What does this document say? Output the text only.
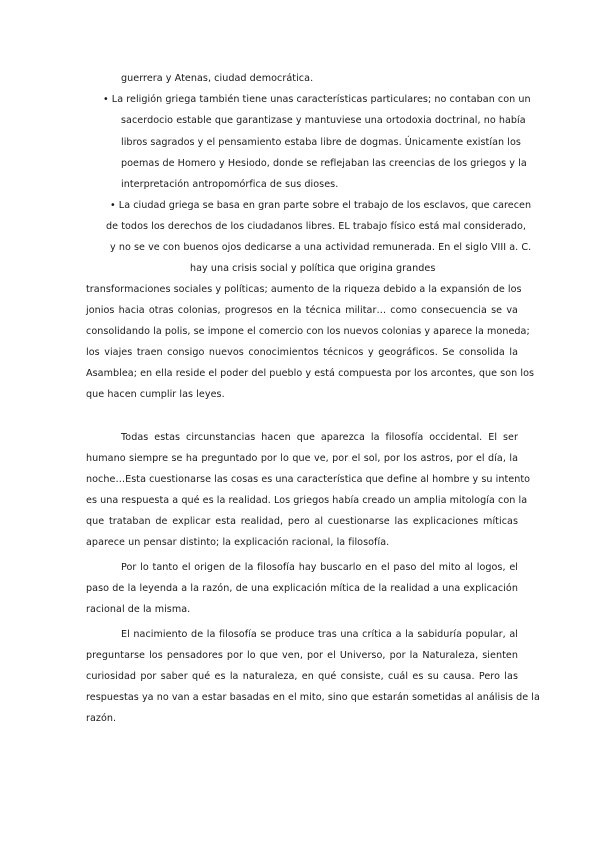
guerrera y Atenas, ciudad democrática.

• La religión griega también tiene unas características particulares; no contaban con un

sacerdocio estable que garantizase y mantuviese una ortodoxia doctrinal, no había

libros sagrados y el pensamiento estaba libre de dogmas. Únicamente existían los

poemas de Homero y Hesiodo, donde se reflejaban las creencias de los griegos y la

interpretación antropomórfica de sus dioses.

• La ciudad griega se basa en gran parte sobre el trabajo de los esclavos, que carecen

de todos los derechos de los ciudadanos libres. EL trabajo físico está mal considerado,

y no se ve con buenos ojos dedicarse a una actividad remunerada. En el siglo VIII a. C.

hay una crisis social y política que origina grandes

transformaciones sociales y políticas; aumento de la riqueza debido a la expansión de los

jonios hacia otras colonias, progresos en la técnica militar… como consecuencia se va

consolidando la polis, se impone el comercio con los nuevos colonias y aparece la moneda;

los viajes traen consigo nuevos conocimientos técnicos y geográficos. Se consolida la

Asamblea; en ella reside el poder del pueblo y está compuesta por los arcontes, que son los

que hacen cumplir las leyes.

Todas estas circunstancias hacen que aparezca la filosofía occidental. El ser

humano siempre se ha preguntado por lo que ve, por el sol, por los astros, por el día, la

noche…Esta cuestionarse las cosas es una característica que define al hombre y su intento

es una respuesta a qué es la realidad. Los griegos había creado un amplia mitología con la

que trataban de explicar esta realidad, pero al cuestionarse las explicaciones míticas

aparece un pensar distinto; la explicación racional, la filosofía.

Por lo tanto el origen de la filosofía hay buscarlo en el paso del mito al logos, el

paso de la leyenda a la razón, de una explicación mítica de la realidad a una explicación

racional de la misma.

El nacimiento de la filosofía se produce tras una crítica a la sabiduría popular, al

preguntarse los pensadores por lo que ven, por el Universo, por la Naturaleza, sienten

curiosidad por saber qué es la naturaleza, en qué consiste, cuál es su causa. Pero las

respuestas ya no van a estar basadas en el mito, sino que estarán sometidas al análisis de la

razón.
